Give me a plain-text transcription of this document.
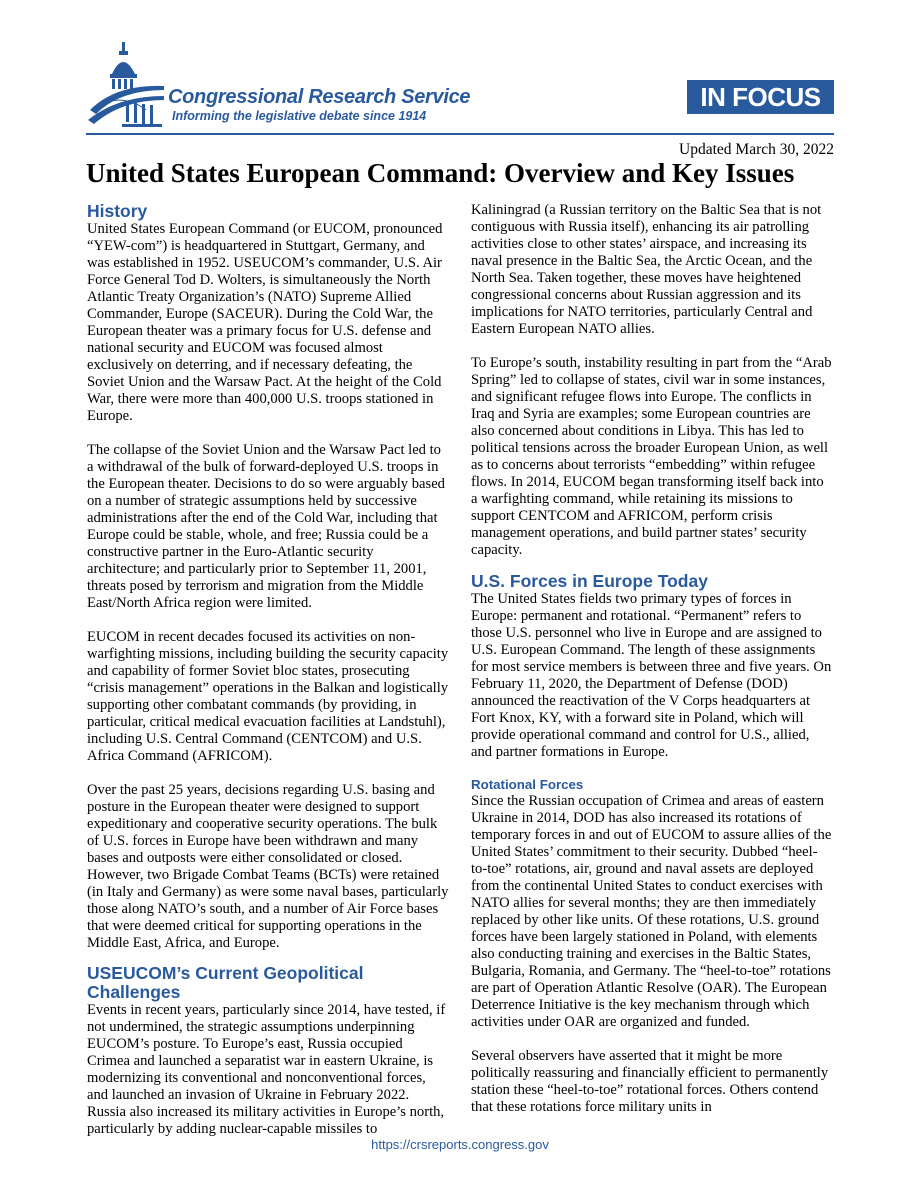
Congressional Research Service
Informing the legislative debate since 1914
IN FOCUS
Updated March 30, 2022
United States European Command: Overview and Key Issues
History

United States European Command (or EUCOM, pronounced “YEW-com”) is headquartered in Stuttgart, Germany, and was established in 1952. USEUCOM’s commander, U.S. Air Force General Tod D. Wolters, is simultaneously the North Atlantic Treaty Organization’s (NATO) Supreme Allied Commander, Europe (SACEUR). During the Cold War, the European theater was a primary focus for U.S. defense and national security and EUCOM was focused almost exclusively on deterring, and if necessary defeating, the Soviet Union and the Warsaw Pact. At the height of the Cold War, there were more than 400,000 U.S. troops stationed in Europe.

The collapse of the Soviet Union and the Warsaw Pact led to a withdrawal of the bulk of forward-deployed U.S. troops in the European theater. Decisions to do so were arguably based on a number of strategic assumptions held by successive administrations after the end of the Cold War, including that Europe could be stable, whole, and free; Russia could be a constructive partner in the Euro-Atlantic security architecture; and particularly prior to September 11, 2001, threats posed by terrorism and migration from the Middle East/North Africa region were limited.

EUCOM in recent decades focused its activities on non-warfighting missions, including building the security capacity and capability of former Soviet bloc states, prosecuting “crisis management” operations in the Balkan and logistically supporting other combatant commands (by providing, in particular, critical medical evacuation facilities at Landstuhl), including U.S. Central Command (CENTCOM) and U.S. Africa Command (AFRICOM).

Over the past 25 years, decisions regarding U.S. basing and posture in the European theater were designed to support expeditionary and cooperative security operations. The bulk of U.S. forces in Europe have been withdrawn and many bases and outposts were either consolidated or closed. However, two Brigade Combat Teams (BCTs) were retained (in Italy and Germany) as were some naval bases, particularly those along NATO’s south, and a number of Air Force bases that were deemed critical for supporting operations in the Middle East, Africa, and Europe.

USEUCOM’s Current Geopolitical Challenges

Events in recent years, particularly since 2014, have tested, if not undermined, the strategic assumptions underpinning EUCOM’s posture. To Europe’s east, Russia occupied Crimea and launched a separatist war in eastern Ukraine, is modernizing its conventional and nonconventional forces, and launched an invasion of Ukraine in February 2022. Russia also increased its military activities in Europe’s north, particularly by adding nuclear-capable missiles to

Kaliningrad (a Russian territory on the Baltic Sea that is not contiguous with Russia itself), enhancing its air patrolling activities close to other states’ airspace, and increasing its naval presence in the Baltic Sea, the Arctic Ocean, and the North Sea. Taken together, these moves have heightened congressional concerns about Russian aggression and its implications for NATO territories, particularly Central and Eastern European NATO allies.

To Europe’s south, instability resulting in part from the “Arab Spring” led to collapse of states, civil war in some instances, and significant refugee flows into Europe. The conflicts in Iraq and Syria are examples; some European countries are also concerned about conditions in Libya. This has led to political tensions across the broader European Union, as well as to concerns about terrorists “embedding” within refugee flows. In 2014, EUCOM began transforming itself back into a warfighting command, while retaining its missions to support CENTCOM and AFRICOM, perform crisis management operations, and build partner states’ security capacity.

U.S. Forces in Europe Today

The United States fields two primary types of forces in Europe: permanent and rotational. “Permanent” refers to those U.S. personnel who live in Europe and are assigned to U.S. European Command. The length of these assignments for most service members is between three and five years. On February 11, 2020, the Department of Defense (DOD) announced the reactivation of the V Corps headquarters at Fort Knox, KY, with a forward site in Poland, which will provide operational command and control for U.S., allied, and partner formations in Europe.

Rotational Forces

Since the Russian occupation of Crimea and areas of eastern Ukraine in 2014, DOD has also increased its rotations of temporary forces in and out of EUCOM to assure allies of the United States’ commitment to their security. Dubbed “heel-to-toe” rotations, air, ground and naval assets are deployed from the continental United States to conduct exercises with NATO allies for several months; they are then immediately replaced by other like units. Of these rotations, U.S. ground forces have been largely stationed in Poland, with elements also conducting training and exercises in the Baltic States, Bulgaria, Romania, and Germany. The “heel-to-toe” rotations are part of Operation Atlantic Resolve (OAR). The European Deterrence Initiative is the key mechanism through which activities under OAR are organized and funded.

Several observers have asserted that it might be more politically reassuring and financially efficient to permanently station these “heel-to-toe” rotational forces. Others contend that these rotations force military units in

https://crsreports.congress.gov
